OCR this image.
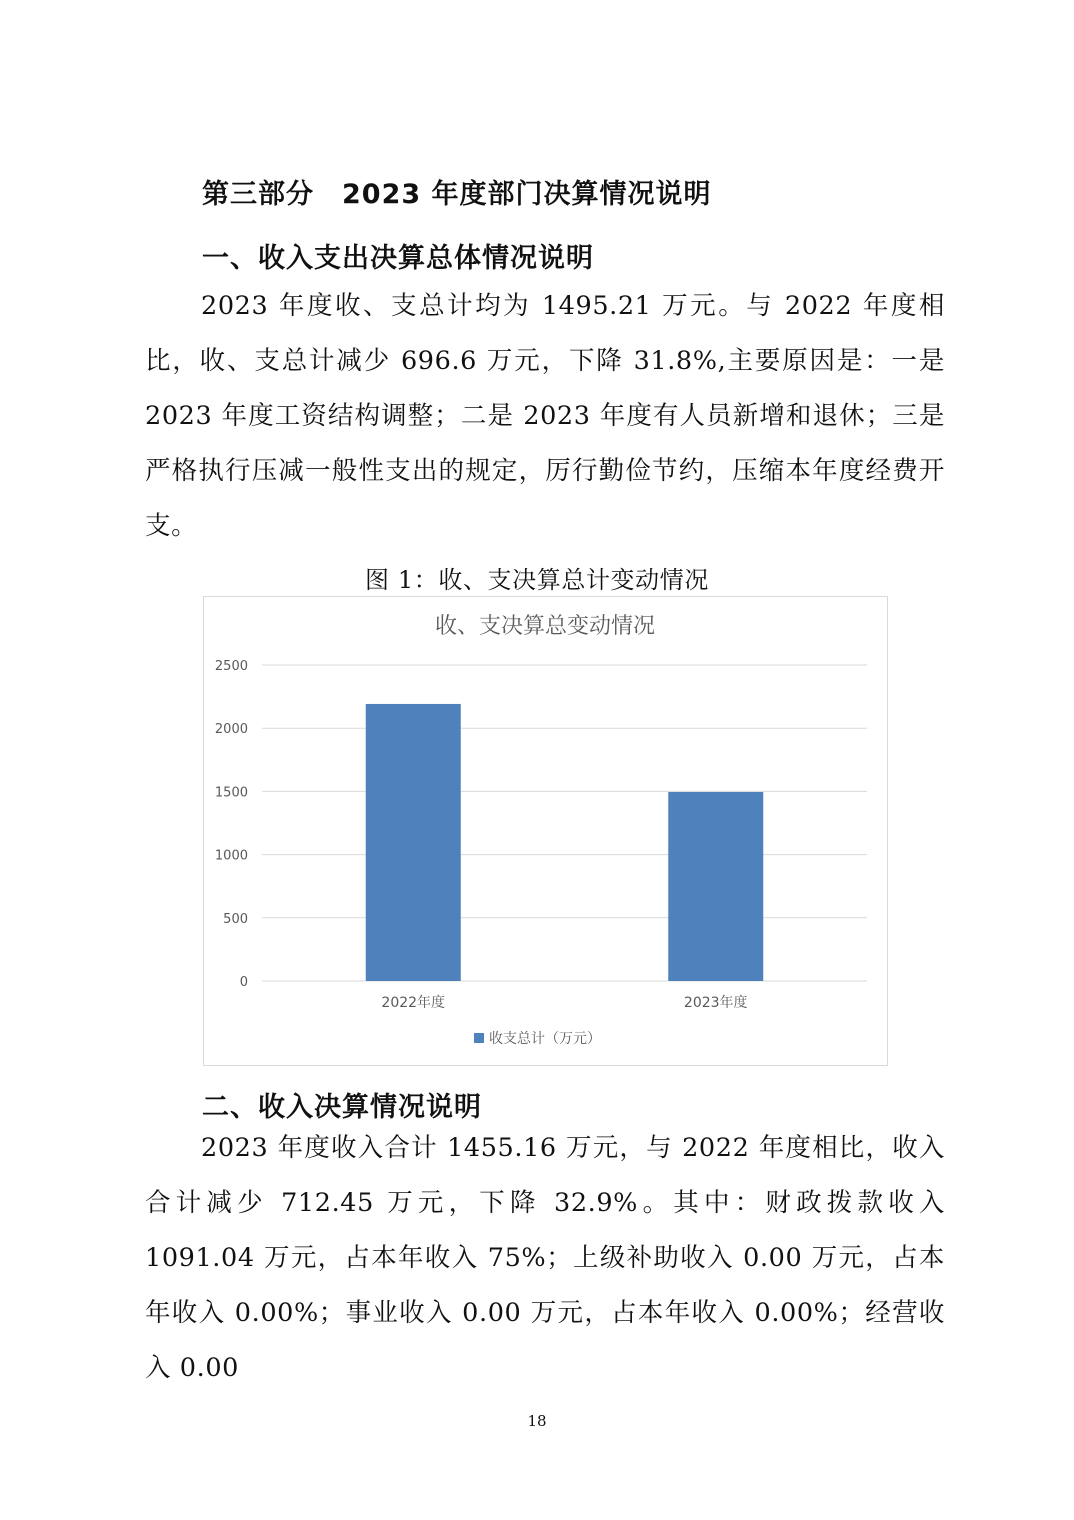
第三部分　2023 年度部门决算情况说明
一、收入支出决算总体情况说明

2023 年度收、支总计均为 1495.21 万元。与 2022 年度相比，收、支总计减少 696.6 万元，下降 31.8%,主要原因是：一是 2023 年度工资结构调整；二是 2023 年度有人员新增和退休；三是严格执行压减一般性支出的规定，厉行勤俭节约，压缩本年度经费开支。

图 1：收、支决算总计变动情况
收、支决算总变动情况
0
500
1000
1500
2000
2500
2022年度	2023年度
收支总计（万元）
二、收入决算情况说明

2023 年度收入合计 1455.16 万元，与 2022 年度相比，收入合计减少 712.45 万元，下降 32.9%。其中：财政拨款收入 1091.04 万元，占本年收入 75%；上级补助收入 0.00 万元，占本年收入 0.00%；事业收入 0.00 万元，占本年收入 0.00%；经营收入 0.00

18
